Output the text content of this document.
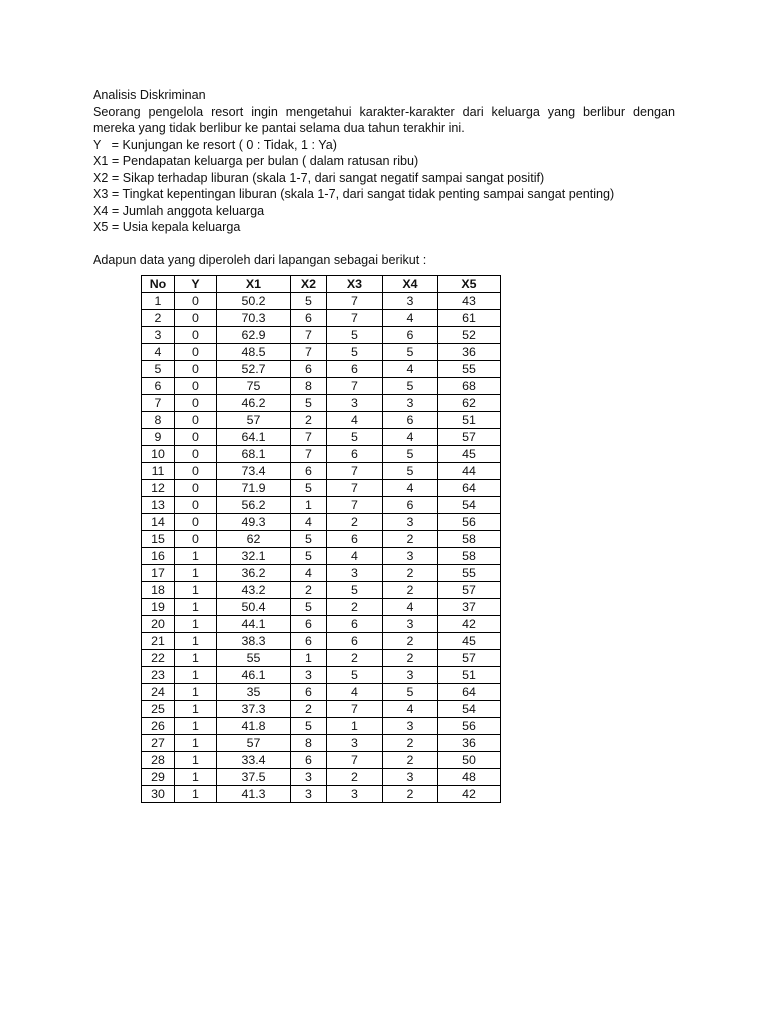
Analisis Diskriminan

Seorang pengelola resort ingin mengetahui karakter-karakter dari keluarga yang berlibur dengan mereka yang tidak berlibur ke pantai selama dua tahun terakhir ini.

Y   = Kunjungan ke resort ( 0 : Tidak, 1 : Ya)

X1 = Pendapatan keluarga per bulan ( dalam ratusan ribu)

X2 = Sikap terhadap liburan (skala 1-7, dari sangat negatif sampai sangat positif)

X3 = Tingkat kepentingan liburan (skala 1-7, dari sangat tidak penting sampai sangat penting)

X4 = Jumlah anggota keluarga

X5 = Usia kepala keluarga

Adapun data yang diperoleh dari lapangan sebagai berikut :

No	Y	X1	X2	X3	X4	X5
1	0	50.2	5	7	3	43
2	0	70.3	6	7	4	61
3	0	62.9	7	5	6	52
4	0	48.5	7	5	5	36
5	0	52.7	6	6	4	55
6	0	75	8	7	5	68
7	0	46.2	5	3	3	62
8	0	57	2	4	6	51
9	0	64.1	7	5	4	57
10	0	68.1	7	6	5	45
11	0	73.4	6	7	5	44
12	0	71.9	5	7	4	64
13	0	56.2	1	7	6	54
14	0	49.3	4	2	3	56
15	0	62	5	6	2	58
16	1	32.1	5	4	3	58
17	1	36.2	4	3	2	55
18	1	43.2	2	5	2	57
19	1	50.4	5	2	4	37
20	1	44.1	6	6	3	42
21	1	38.3	6	6	2	45
22	1	55	1	2	2	57
23	1	46.1	3	5	3	51
24	1	35	6	4	5	64
25	1	37.3	2	7	4	54
26	1	41.8	5	1	3	56
27	1	57	8	3	2	36
28	1	33.4	6	7	2	50
29	1	37.5	3	2	3	48
30	1	41.3	3	3	2	42
